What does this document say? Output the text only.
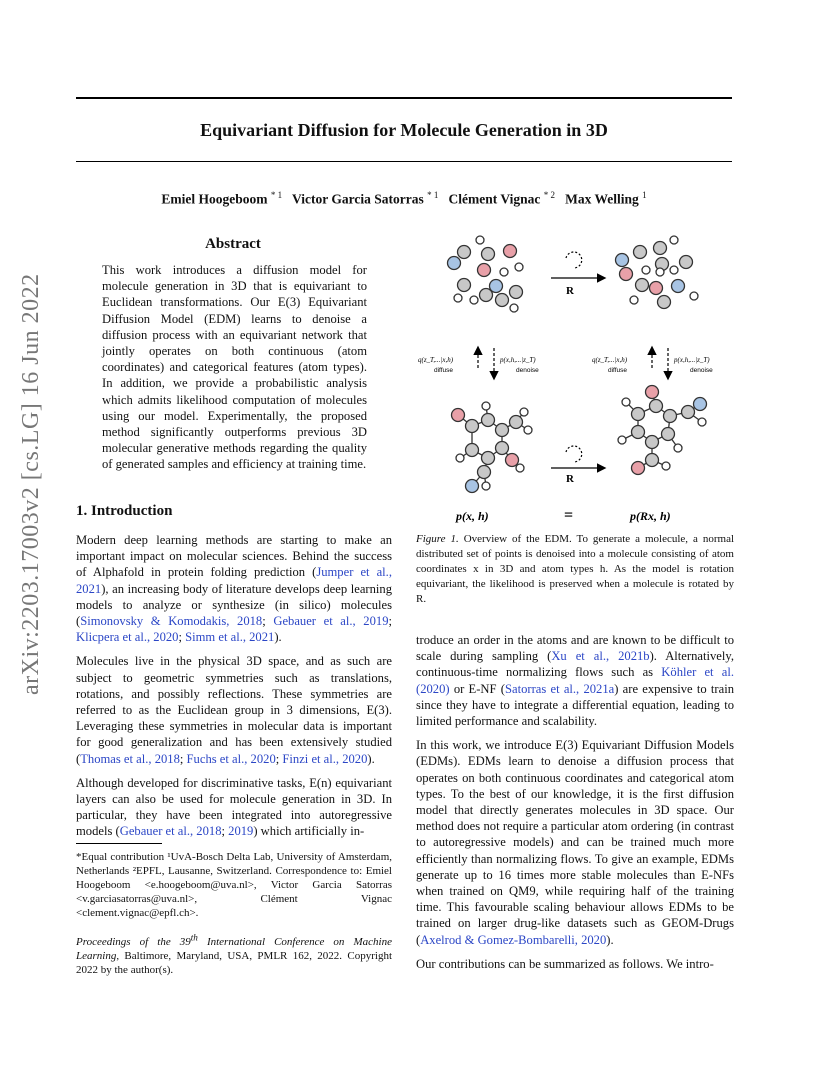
arXiv:2203.17003v2 [cs.LG] 16 Jun 2022
Equivariant Diffusion for Molecule Generation in 3D
Emiel Hoogeboom $^{* 1}$ Victor Garcia Satorras $^{* 1}$ Clément Vignac $^{* 2}$ Max Welling $^1$
Abstract
This work introduces a diffusion model for molecule generation in 3D that is equivariant to Euclidean transformations. Our E(3) Equivariant Diffusion Model (EDM) learns to denoise a diffusion process with an equivariant network that jointly operates on both continuous (atom coordinates) and categorical features (atom types). In addition, we provide a probabilistic analysis which admits likelihood computation of molecules using our model. Experimentally, the proposed method significantly outperforms previous 3D molecular generative methods regarding the quality of generated samples and efficiency at training time.
1. Introduction

Modern deep learning methods are starting to make an important impact on molecular sciences. Behind the success of Alphafold in protein folding prediction (Jumper et al., 2021), an increasing body of literature develops deep learning models to analyze or synthesize (in silico) molecules (Simonovsky & Komodakis, 2018; Gebauer et al., 2019; Klicpera et al., 2020; Simm et al., 2021).

Molecules live in the physical 3D space, and as such are subject to geometric symmetries such as translations, rotations, and possibly reflections. These symmetries are referred to as the Euclidean group in 3 dimensions, E(3). Leveraging these symmetries in molecular data is important for good generalization and has been extensively studied (Thomas et al., 2018; Fuchs et al., 2020; Finzi et al., 2020).

Although developed for discriminative tasks, E(n) equivariant layers can also be used for molecule generation in 3D. In particular, they have been integrated into autoregressive models (Gebauer et al., 2018; 2019) which artificially in-

*Equal contribution ¹UvA-Bosch Delta Lab, University of Amsterdam, Netherlands ²EPFL, Lausanne, Switzerland. Correspondence to: Emiel Hoogeboom <e.hoogeboom@uva.nl>, Victor Garcia Satorras <v.garciasatorras@uva.nl>, Clément Vignac <clement.vignac@epfl.ch>.
Proceedings of the 39th International Conference on Machine Learning, Baltimore, Maryland, USA, PMLR 162, 2022. Copyright 2022 by the author(s).
R
q(z_T,...|x,h)
diffuse
p(x,h,...|z_T)
denoise
q(z_T,...|x,h)
diffuse
p(x,h,...|z_T)
denoise
R
p(x, h)	=	p(Rx, h)
Figure 1. Overview of the EDM. To generate a molecule, a normal distributed set of points is denoised into a molecule consisting of atom coordinates x in 3D and atom types h. As the model is rotation equivariant, the likelihood is preserved when a molecule is rotated by R.

troduce an order in the atoms and are known to be difficult to scale during sampling (Xu et al., 2021b). Alternatively, continuous-time normalizing flows such as Köhler et al. (2020) or E-NF (Satorras et al., 2021a) are expensive to train since they have to integrate a differential equation, leading to limited performance and scalability.

In this work, we introduce E(3) Equivariant Diffusion Models (EDMs). EDMs learn to denoise a diffusion process that operates on both continuous coordinates and categorical atom types. To the best of our knowledge, it is the first diffusion model that directly generates molecules in 3D space. Our method does not require a particular atom ordering (in contrast to autoregressive models) and can be trained much more efficiently than normalizing flows. To give an example, EDMs generate up to 16 times more stable molecules than E-NFs when trained on QM9, while requiring half of the training time. This favourable scaling behaviour allows EDMs to be trained on larger drug-like datasets such as GEOM-Drugs (Axelrod & Gomez-Bombarelli, 2020).

Our contributions can be summarized as follows. We intro-
